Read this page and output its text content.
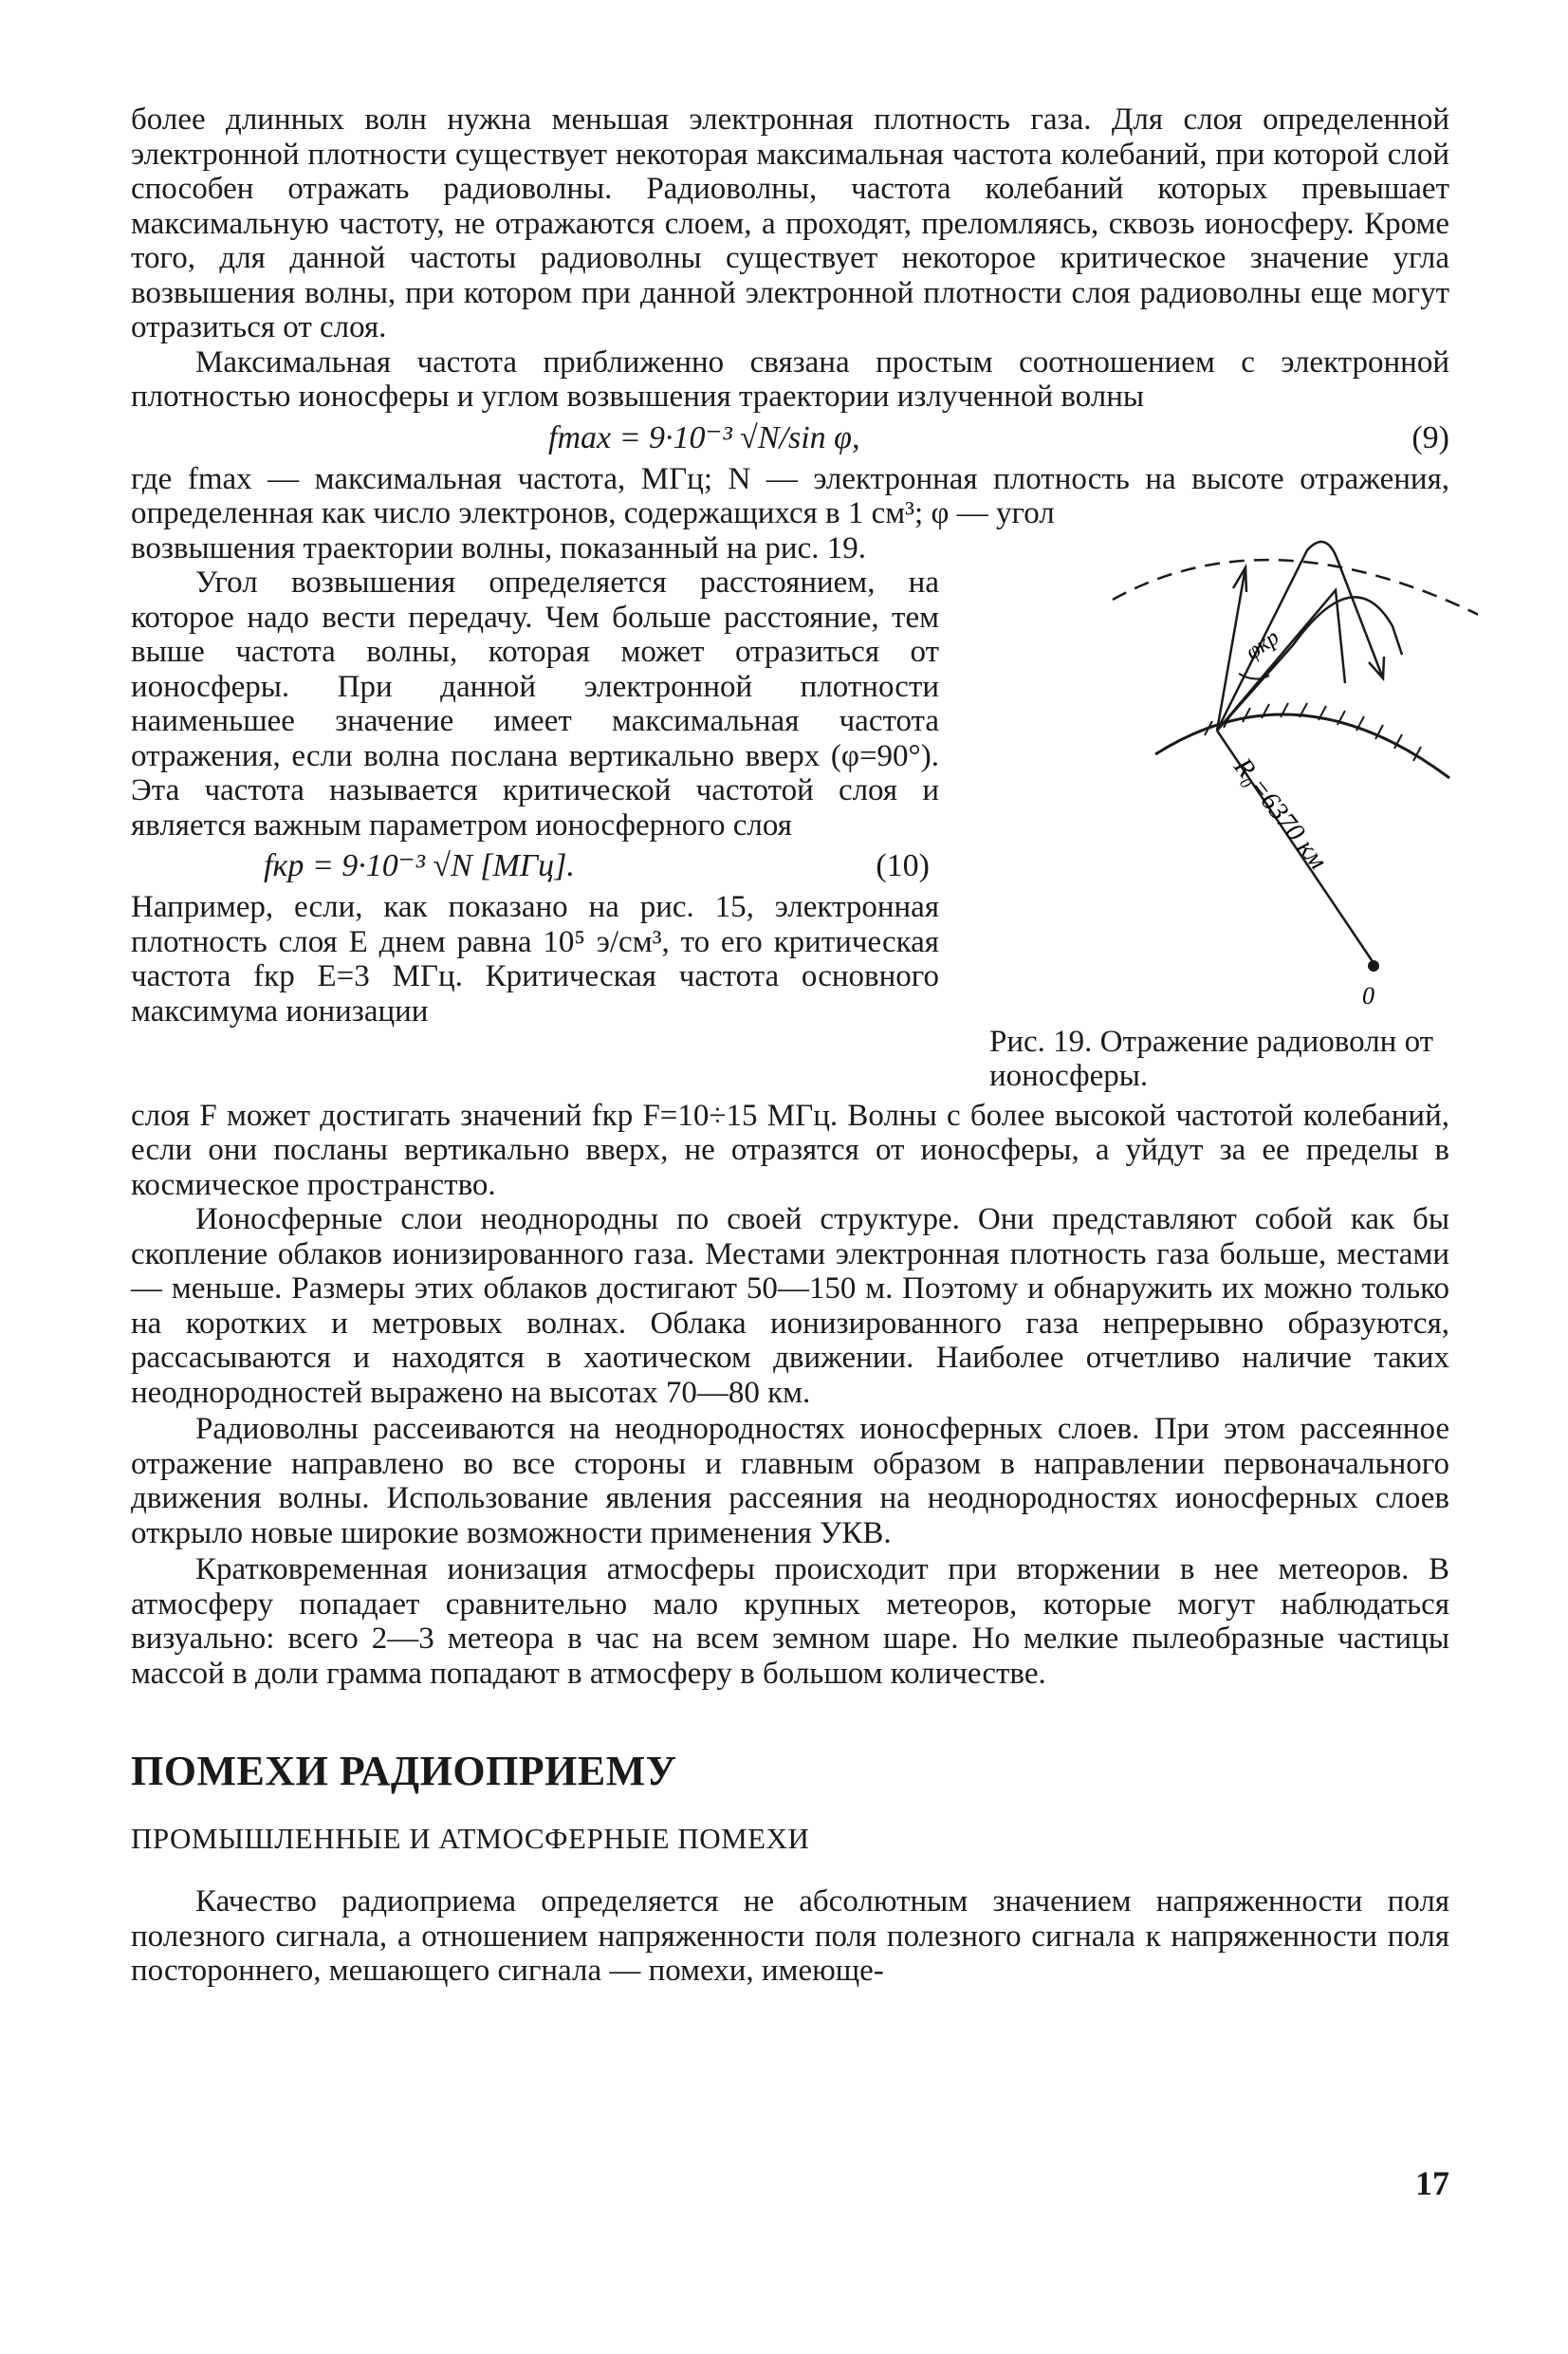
более длинных волн нужна меньшая электронная плотность газа. Для слоя определенной электронной плотности существует некоторая максимальная частота колебаний, при которой слой способен отражать радиоволны. Радиоволны, частота колебаний которых превышает максимальную частоту, не отражаются слоем, а проходят, преломляясь, сквозь ионосферу. Кроме того, для данной частоты радиоволны существует некоторое критическое значение угла возвышения волны, при котором при данной электронной плотности слоя радиоволны еще могут отразиться от слоя.

Максимальная частота приближенно связана простым соотношением с электронной плотностью ионосферы и углом возвышения траектории излученной волны

fmax = 9·10⁻³ √N/sin φ,	(9)

где fmax — максимальная частота, МГц; N — электронная плотность на высоте отражения, определенная как число электронов, содержащихся в 1 см³; φ — угол

возвышения траектории волны, показанный на рис. 19.

Угол возвышения определяется расстоянием, на которое надо вести передачу. Чем больше расстояние, тем выше частота волны, которая может отразиться от ионосферы. При данной электронной плотности наименьшее значение имеет максимальная частота отражения, если волна послана вертикально вверх (φ=90°). Эта частота называется критической частотой слоя и является важным параметром ионосферного слоя

fкр = 9·10⁻³ √N [МГц].	(10)

Например, если, как показано на рис. 15, электронная плотность слоя E днем равна 10⁵ э/см³, то его критическая частота fкр E=3 МГц. Критическая частота основного максимума ионизации

φкр
R₀=6370 км
0
Рис. 19. Отражение радиоволн от ионосферы.

слоя F может достигать значений fкр F=10÷15 МГц. Волны с более высокой частотой колебаний, если они посланы вертикально вверх, не отразятся от ионосферы, а уйдут за ее пределы в космическое пространство.

Ионосферные слои неоднородны по своей структуре. Они представляют собой как бы скопление облаков ионизированного газа. Местами электронная плотность газа больше, местами — меньше. Размеры этих облаков достигают 50—150 м. Поэтому и обнаружить их можно только на коротких и метровых волнах. Облака ионизированного газа непрерывно образуются, рассасываются и находятся в хаотическом движении. Наиболее отчетливо наличие таких неоднородностей выражено на высотах 70—80 км.

Радиоволны рассеиваются на неоднородностях ионосферных слоев. При этом рассеянное отражение направлено во все стороны и главным образом в направлении первоначального движения волны. Использование явления рассеяния на неоднородностях ионосферных слоев открыло новые широкие возможности применения УКВ.

Кратковременная ионизация атмосферы происходит при вторжении в нее метеоров. В атмосферу попадает сравнительно мало крупных метеоров, которые могут наблюдаться визуально: всего 2—3 метеора в час на всем земном шаре. Но мелкие пылеобразные частицы массой в доли грамма попадают в атмосферу в большом количестве.

ПОМЕХИ РАДИОПРИЕМУ
ПРОМЫШЛЕННЫЕ И АТМОСФЕРНЫЕ ПОМЕХИ

Качество радиоприема определяется не абсолютным значением напряженности поля полезного сигнала, а отношением напряженности поля полезного сигнала к напряженности поля постороннего, мешающего сигнала — помехи, имеюще-

17
